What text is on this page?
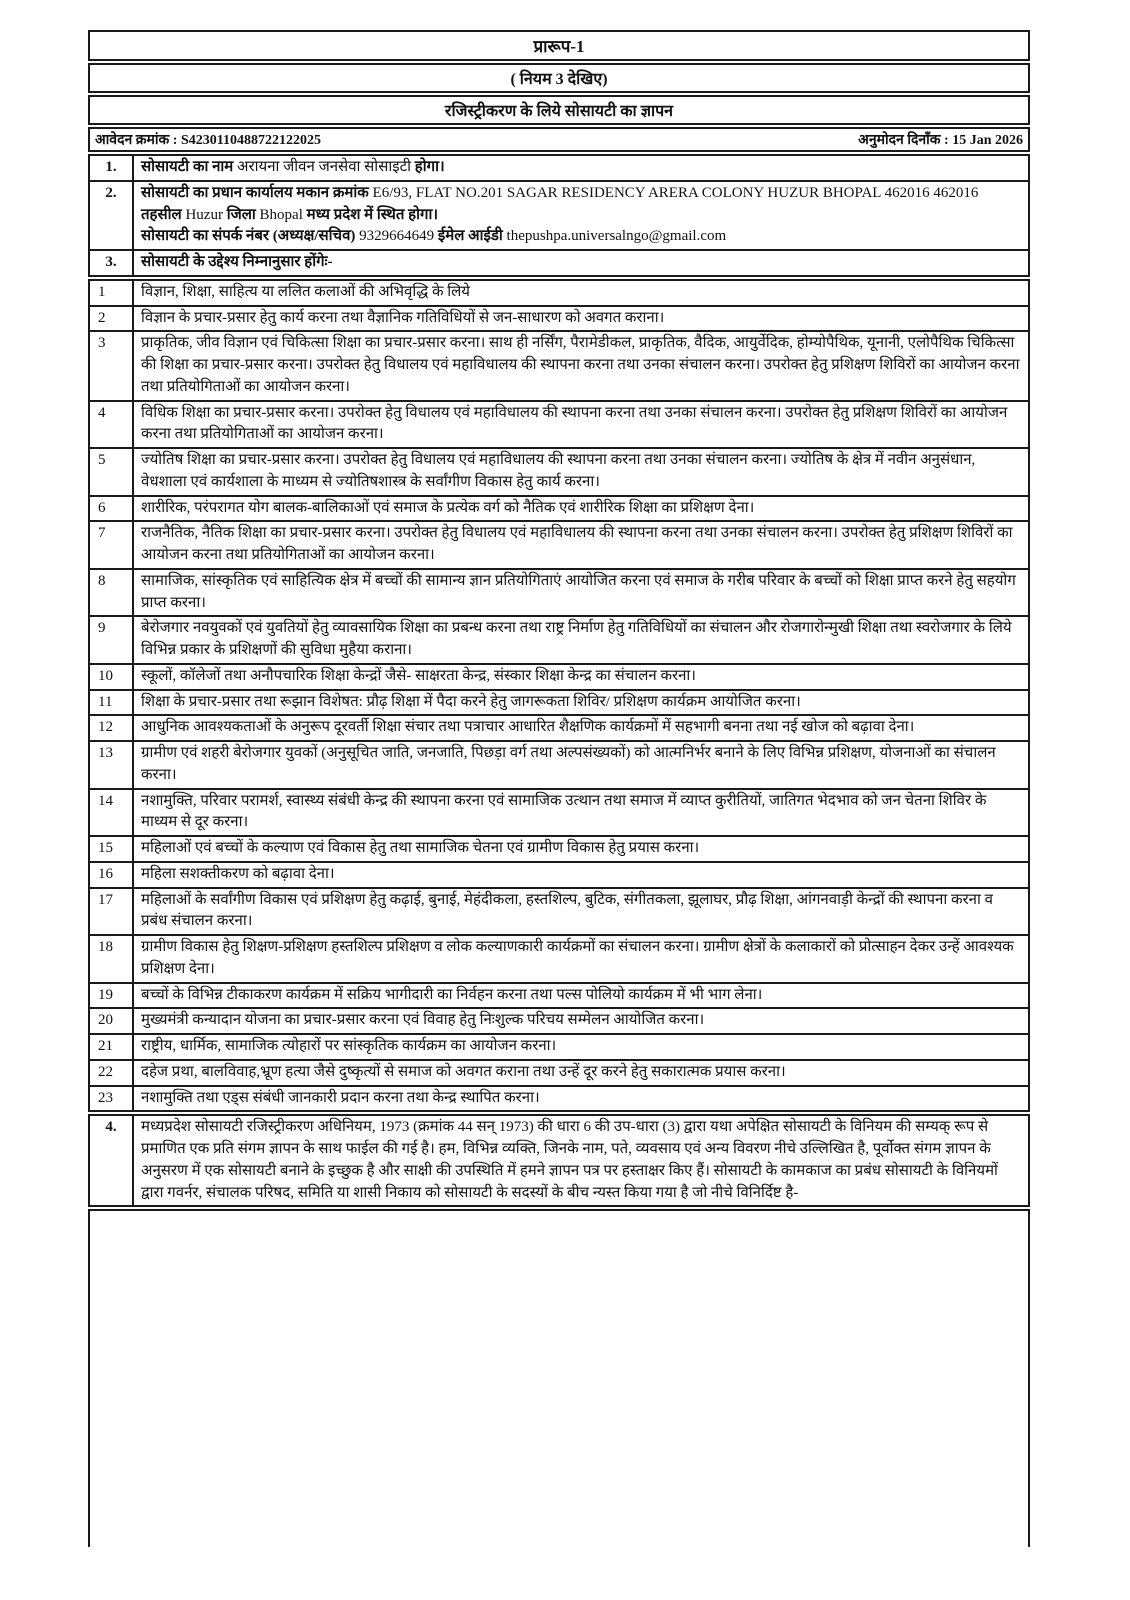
प्रारूप-1
( नियम 3 देखिए)
रजिस्ट्रीकरण के लिये सोसायटी का ज्ञापन
आवेदन क्रमांक : S4230110488722122025	अनुमोदन दिनाँक : 15 Jan 2026
1.	सोसायटी का नाम अरायना जीवन जनसेवा सोसाइटी होगा।
2.	सोसायटी का प्रधान कार्यालय मकान क्रमांक E6/93, FLAT NO.201 SAGAR RESIDENCY ARERA COLONY HUZUR BHOPAL 462016 462016 तहसील Huzur जिला Bhopal मध्य प्रदेश में स्थित होगा।
सोसायटी का संपर्क नंबर (अध्यक्ष/सचिव) 9329664649 ईमेल आईडी thepushpa.universalngo@gmail.com

3.	सोसायटी के उद्देश्य निम्नानुसार होंगेः-
1	विज्ञान, शिक्षा, साहित्य या ललित कलाओं की अभिवृद्धि के लिये
2	विज्ञान के प्रचार-प्रसार हेतु कार्य करना तथा वैज्ञानिक गतिविधियों से जन-साधारण को अवगत कराना।
3	प्राकृतिक, जीव विज्ञान एवं चिकित्सा शिक्षा का प्रचार-प्रसार करना। साथ ही नर्सिंग, पैरामेडीकल, प्राकृतिक, वैदिक, आयुर्वेदिक, होम्योपैथिक, यूनानी, एलोपैथिक चिकित्सा की शिक्षा का प्रचार-प्रसार करना। उपरोक्त हेतु विधालय एवं महाविधालय की स्थापना करना तथा उनका संचालन करना। उपरोक्त हेतु प्रशिक्षण शिविरों का आयोजन करना तथा प्रतियोगिताओं का आयोजन करना।
4	विधिक शिक्षा का प्रचार-प्रसार करना। उपरोक्त हेतु विधालय एवं महाविधालय की स्थापना करना तथा उनका संचालन करना। उपरोक्त हेतु प्रशिक्षण शिविरों का आयोजन करना तथा प्रतियोगिताओं का आयोजन करना।
5	ज्योतिष शिक्षा का प्रचार-प्रसार करना। उपरोक्त हेतु विधालय एवं महाविधालय की स्थापना करना तथा उनका संचालन करना। ज्योतिष के क्षेत्र में नवीन अनुसंधान, वेधशाला एवं कार्यशाला के माध्यम से ज्योतिषशास्त्र के सर्वांगीण विकास हेतु कार्य करना।
6	शारीरिक, परंपरागत योग बालक-बालिकाओं एवं समाज के प्रत्येक वर्ग को नैतिक एवं शारीरिक शिक्षा का प्रशिक्षण देना।
7	राजनैतिक, नैतिक शिक्षा का प्रचार-प्रसार करना। उपरोक्त हेतु विधालय एवं महाविधालय की स्थापना करना तथा उनका संचालन करना। उपरोक्त हेतु प्रशिक्षण शिविरों का आयोजन करना तथा प्रतियोगिताओं का आयोजन करना।
8	सामाजिक, सांस्कृतिक एवं साहित्यिक क्षेत्र में बच्चों की सामान्य ज्ञान प्रतियोगिताएं आयोजित करना एवं समाज के गरीब परिवार के बच्चों को शिक्षा प्राप्त करने हेतु सहयोग प्राप्त करना।
9	बेरोजगार नवयुवकों एवं युवतियों हेतु व्यावसायिक शिक्षा का प्रबन्ध करना तथा राष्ट्र निर्माण हेतु गतिविधियों का संचालन और रोजगारोन्मुखी शिक्षा तथा स्वरोजगार के लिये विभिन्न प्रकार के प्रशिक्षणों की सुविधा मुहैया कराना।
10	स्कूलों, कॉलेजों तथा अनौपचारिक शिक्षा केन्द्रों जैसे- साक्षरता केन्द्र, संस्कार शिक्षा केन्द्र का संचालन करना।
11	शिक्षा के प्रचार-प्रसार तथा रूझान विशेषत: प्रौढ़ शिक्षा में पैदा करने हेतु जागरूकता शिविर/ प्रशिक्षण कार्यक्रम आयोजित करना।
12	आधुनिक आवश्यकताओं के अनुरूप दूरवर्ती शिक्षा संचार तथा पत्राचार आधारित शैक्षणिक कार्यक्रमों में सहभागी बनना तथा नई खोज को बढ़ावा देना।
13	ग्रामीण एवं शहरी बेरोजगार युवकों (अनुसूचित जाति, जनजाति, पिछड़ा वर्ग तथा अल्पसंख्यकों) को आत्मनिर्भर बनाने के लिए विभिन्न प्रशिक्षण, योजनाओं का संचालन करना।
14	नशामुक्ति, परिवार परामर्श, स्वास्थ्य संबंधी केन्द्र की स्थापना करना एवं सामाजिक उत्थान तथा समाज में व्याप्त कुरीतियों, जातिगत भेदभाव को जन चेतना शिविर के माध्यम से दूर करना।
15	महिलाओं एवं बच्चों के कल्याण एवं विकास हेतु तथा सामाजिक चेतना एवं ग्रामीण विकास हेतु प्रयास करना।
16	महिला सशक्तीकरण को बढ़ावा देना।
17	महिलाओं के सर्वांगीण विकास एवं प्रशिक्षण हेतु कढ़ाई, बुनाई, मेहंदीकला, हस्तशिल्प, बुटिक, संगीतकला, झूलाघर, प्रौढ़ शिक्षा, आंगनवाड़ी केन्द्रों की स्थापना करना व प्रबंध संचालन करना।
18	ग्रामीण विकास हेतु शिक्षण-प्रशिक्षण हस्तशिल्प प्रशिक्षण व लोक कल्याणकारी कार्यक्रमों का संचालन करना। ग्रामीण क्षेत्रों के कलाकारों को प्रोत्साहन देकर उन्हें आवश्यक प्रशिक्षण देना।
19	बच्चों के विभिन्न टीकाकरण कार्यक्रम में सक्रिय भागीदारी का निर्वहन करना तथा पल्स पोलियो कार्यक्रम में भी भाग लेना।
20	मुख्यमंत्री कन्यादान योजना का प्रचार-प्रसार करना एवं विवाह हेतु निःशुल्क परिचय सम्मेलन आयोजित करना।
21	राष्ट्रीय, धार्मिक, सामाजिक त्योहारों पर सांस्कृतिक कार्यक्रम का आयोजन करना।
22	दहेज प्रथा, बालविवाह,भ्रूण हत्या जैसे दुष्कृत्यों से समाज को अवगत कराना तथा उन्हें दूर करने हेतु सकारात्मक प्रयास करना।
23	नशामुक्ति तथा एड्स संबंधी जानकारी प्रदान करना तथा केन्द्र स्थापित करना।
4.	मध्यप्रदेश सोसायटी रजिस्ट्रीकरण अधिनियम, 1973 (क्रमांक 44 सन् 1973) की धारा 6 की उप-धारा (3) द्वारा यथा अपेक्षित सोसायटी के विनियम की सम्यक् रूप से प्रमाणित एक प्रति संगम ज्ञापन के साथ फाईल की गई है। हम, विभिन्न व्यक्ति, जिनके नाम, पते, व्यवसाय एवं अन्य विवरण नीचे उल्लिखित है, पूर्वोक्त संगम ज्ञापन के अनुसरण में एक सोसायटी बनाने के इच्छुक है और साक्षी की उपस्थिति में हमने ज्ञापन पत्र पर हस्ताक्षर किए हैं। सोसायटी के कामकाज का प्रबंध सोसायटी के विनियमों द्वारा गवर्नर, संचालक परिषद, समिति या शासी निकाय को सोसायटी के सदस्यों के बीच न्यस्त किया गया है जो नीचे विनिर्दिष्ट है-
